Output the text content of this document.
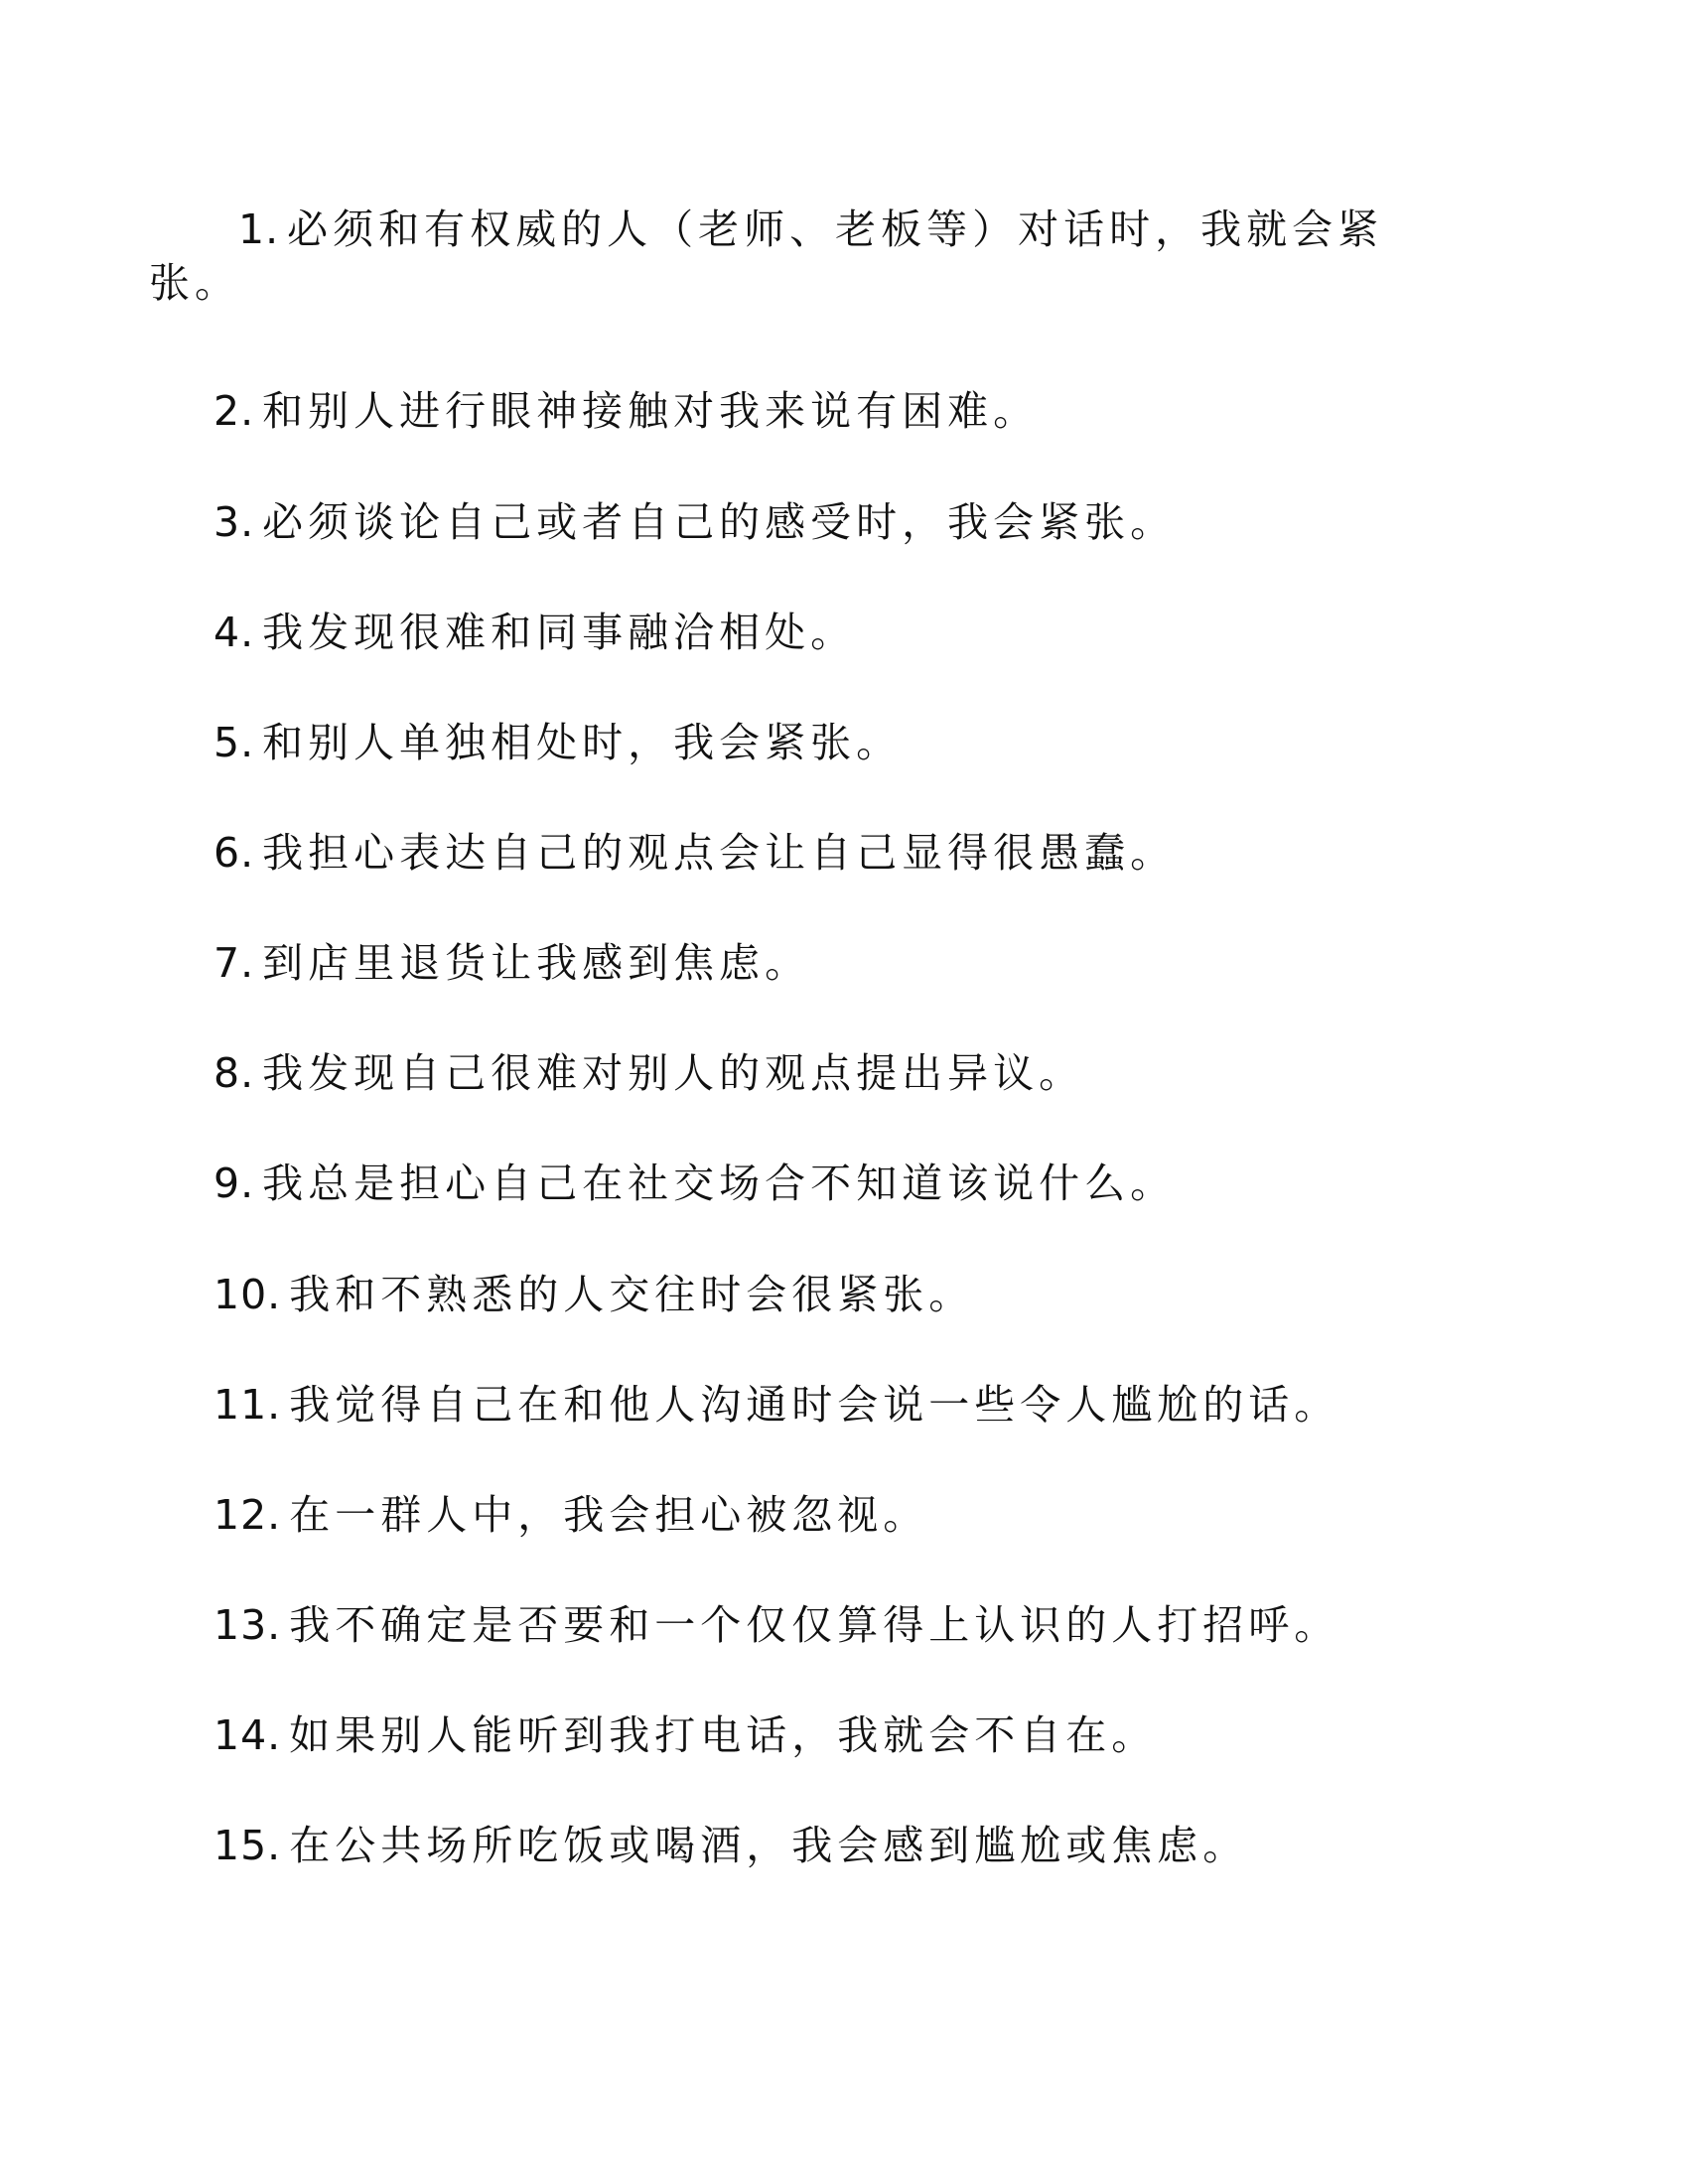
1. 必须和有权威的人（老师、老板等）对话时，我就会紧张。
2. 和别人进行眼神接触对我来说有困难。
3. 必须谈论自己或者自己的感受时，我会紧张。
4. 我发现很难和同事融洽相处。
5. 和别人单独相处时，我会紧张。
6. 我担心表达自己的观点会让自己显得很愚蠢。
7. 到店里退货让我感到焦虑。
8. 我发现自己很难对别人的观点提出异议。
9. 我总是担心自己在社交场合不知道该说什么。
10. 我和不熟悉的人交往时会很紧张。
11. 我觉得自己在和他人沟通时会说一些令人尴尬的话。
12. 在一群人中，我会担心被忽视。
13. 我不确定是否要和一个仅仅算得上认识的人打招呼。
14. 如果别人能听到我打电话，我就会不自在。
15. 在公共场所吃饭或喝酒，我会感到尴尬或焦虑。
